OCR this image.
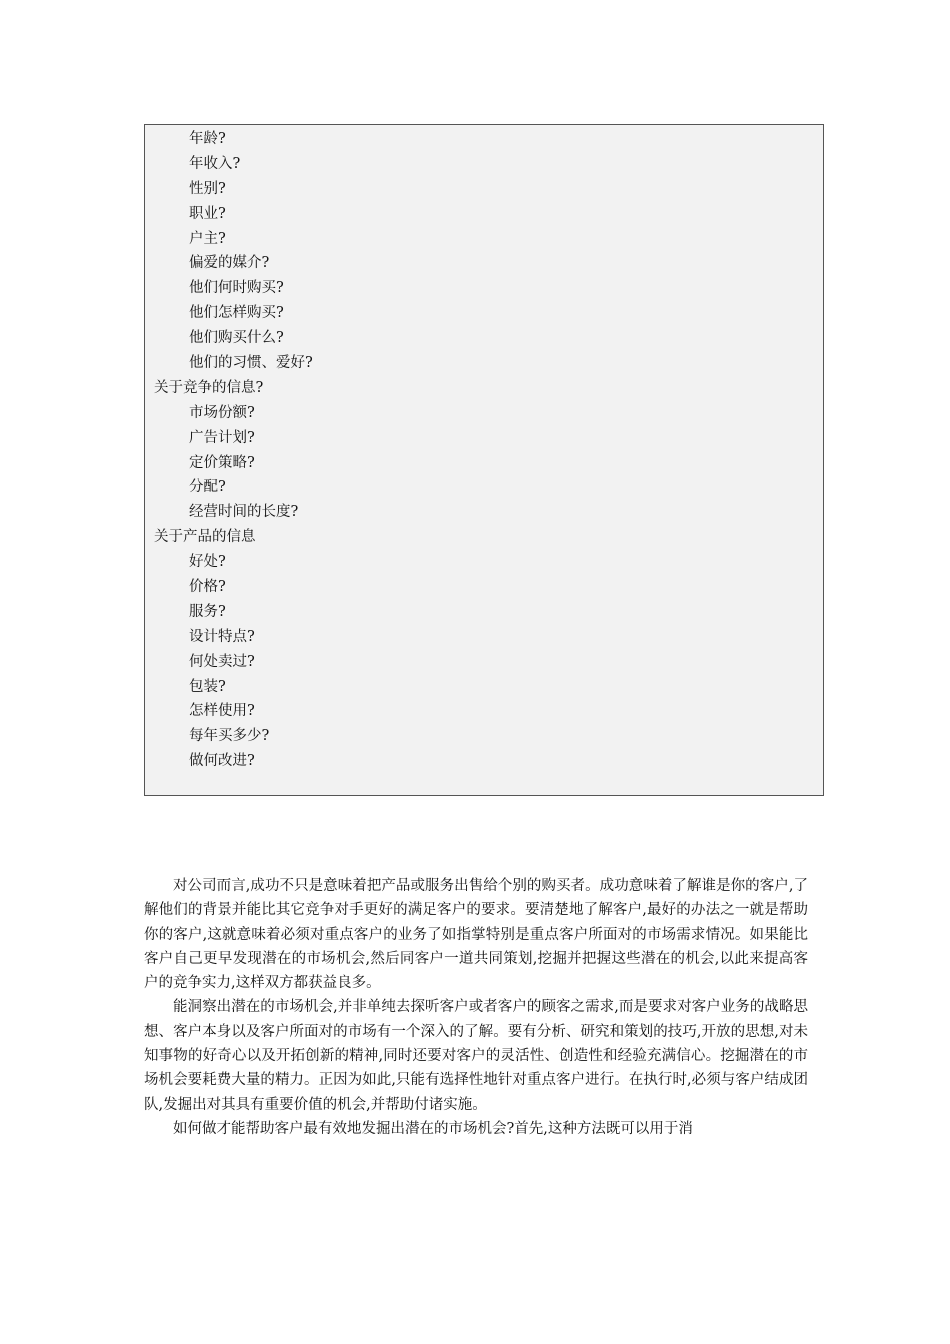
年龄?
年收入?
性别?
职业?
户主?
偏爱的媒介?
他们何时购买?
他们怎样购买?
他们购买什么?
他们的习惯、爱好?
关于竞争的信息?
市场份额?
广告计划?
定价策略?
分配?
经营时间的长度?
关于产品的信息
好处?
价格?
服务?
设计特点?
何处卖过?
包装?
怎样使用?
每年买多少?
做何改进?

对公司而言,成功不只是意味着把产品或服务出售给个别的购买者。成功意味着了解谁是你的客户,了解他们的背景并能比其它竞争对手更好的满足客户的要求。要清楚地了解客户,最好的办法之一就是帮助你的客户,这就意味着必须对重点客户的业务了如指掌特别是重点客户所面对的市场需求情况。如果能比客户自己更早发现潜在的市场机会,然后同客户一道共同策划,挖掘并把握这些潜在的机会,以此来提高客户的竞争实力,这样双方都获益良多。

能洞察出潜在的市场机会,并非单纯去探听客户或者客户的顾客之需求,而是要求对客户业务的战略思想、客户本身以及客户所面对的市场有一个深入的了解。要有分析、研究和策划的技巧,开放的思想,对未知事物的好奇心以及开拓创新的精神,同时还要对客户的灵活性、创造性和经验充满信心。挖掘潜在的市场机会要耗费大量的精力。正因为如此,只能有选择性地针对重点客户进行。在执行时,必须与客户结成团队,发掘出对其具有重要价值的机会,并帮助付诸实施。

如何做才能帮助客户最有效地发掘出潜在的市场机会?首先,这种方法既可以用于消
